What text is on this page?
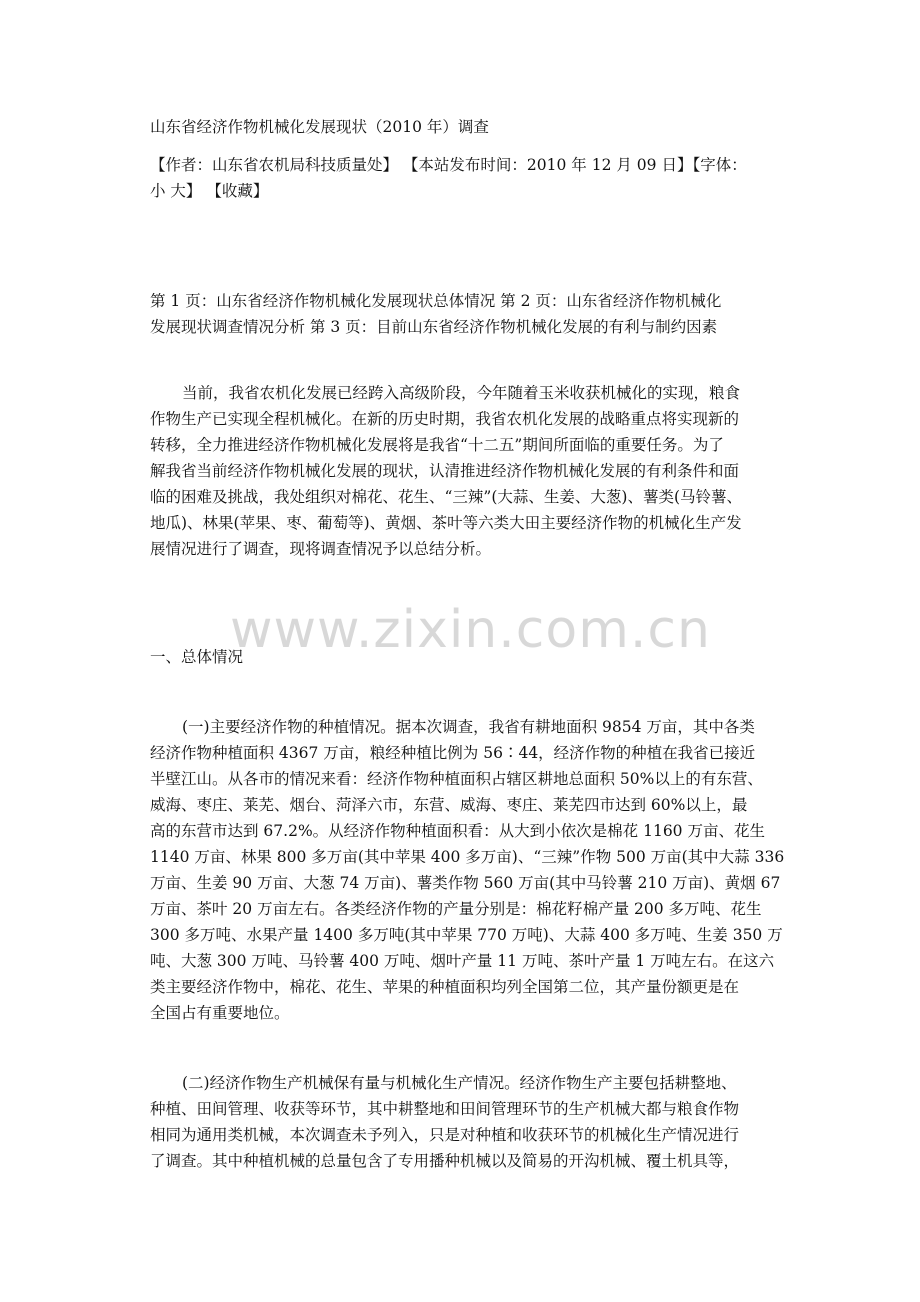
山东省经济作物机械化发展现状（2010 年）调查
【作者：山东省农机局科技质量处】 【本站发布时间：2010 年 12 月 09 日】【字体：
小 大】 【收藏】
第 1 页：山东省经济作物机械化发展现状总体情况 第 2 页：山东省经济作物机械化
发展现状调查情况分析 第 3 页：目前山东省经济作物机械化发展的有利与制约因素
当前，我省农机化发展已经跨入高级阶段，今年随着玉米收获机械化的实现，粮食
作物生产已实现全程机械化。在新的历史时期，我省农机化发展的战略重点将实现新的
转移，全力推进经济作物机械化发展将是我省“十二五”期间所面临的重要任务。为了
解我省当前经济作物机械化发展的现状，认清推进经济作物机械化发展的有利条件和面
临的困难及挑战，我处组织对棉花、花生、“三辣”(大蒜、生姜、大葱)、薯类(马铃薯、
地瓜)、林果(苹果、枣、葡萄等)、黄烟、茶叶等六类大田主要经济作物的机械化生产发
展情况进行了调查，现将调查情况予以总结分析。
一、总体情况
(一)主要经济作物的种植情况。据本次调查，我省有耕地面积 9854 万亩，其中各类
经济作物种植面积 4367 万亩，粮经种植比例为 56∶44，经济作物的种植在我省已接近
半壁江山。从各市的情况来看：经济作物种植面积占辖区耕地总面积 50%以上的有东营、
威海、枣庄、莱芜、烟台、菏泽六市，东营、威海、枣庄、莱芜四市达到 60%以上，最
高的东营市达到 67.2%。从经济作物种植面积看：从大到小依次是棉花 1160 万亩、花生
1140 万亩、林果 800 多万亩(其中苹果 400 多万亩)、“三辣”作物 500 万亩(其中大蒜 336
万亩、生姜 90 万亩、大葱 74 万亩)、薯类作物 560 万亩(其中马铃薯 210 万亩)、黄烟 67
万亩、茶叶 20 万亩左右。各类经济作物的产量分别是：棉花籽棉产量 200 多万吨、花生
300 多万吨、水果产量 1400 多万吨(其中苹果 770 万吨)、大蒜 400 多万吨、生姜 350 万
吨、大葱 300 万吨、马铃薯 400 万吨、烟叶产量 11 万吨、茶叶产量 1 万吨左右。在这六
类主要经济作物中，棉花、花生、苹果的种植面积均列全国第二位，其产量份额更是在
全国占有重要地位。
(二)经济作物生产机械保有量与机械化生产情况。经济作物生产主要包括耕整地、
种植、田间管理、收获等环节，其中耕整地和田间管理环节的生产机械大都与粮食作物
相同为通用类机械，本次调查未予列入，只是对种植和收获环节的机械化生产情况进行
了调查。其中种植机械的总量包含了专用播种机械以及简易的开沟机械、覆土机具等，
www.zixin.com.cn
